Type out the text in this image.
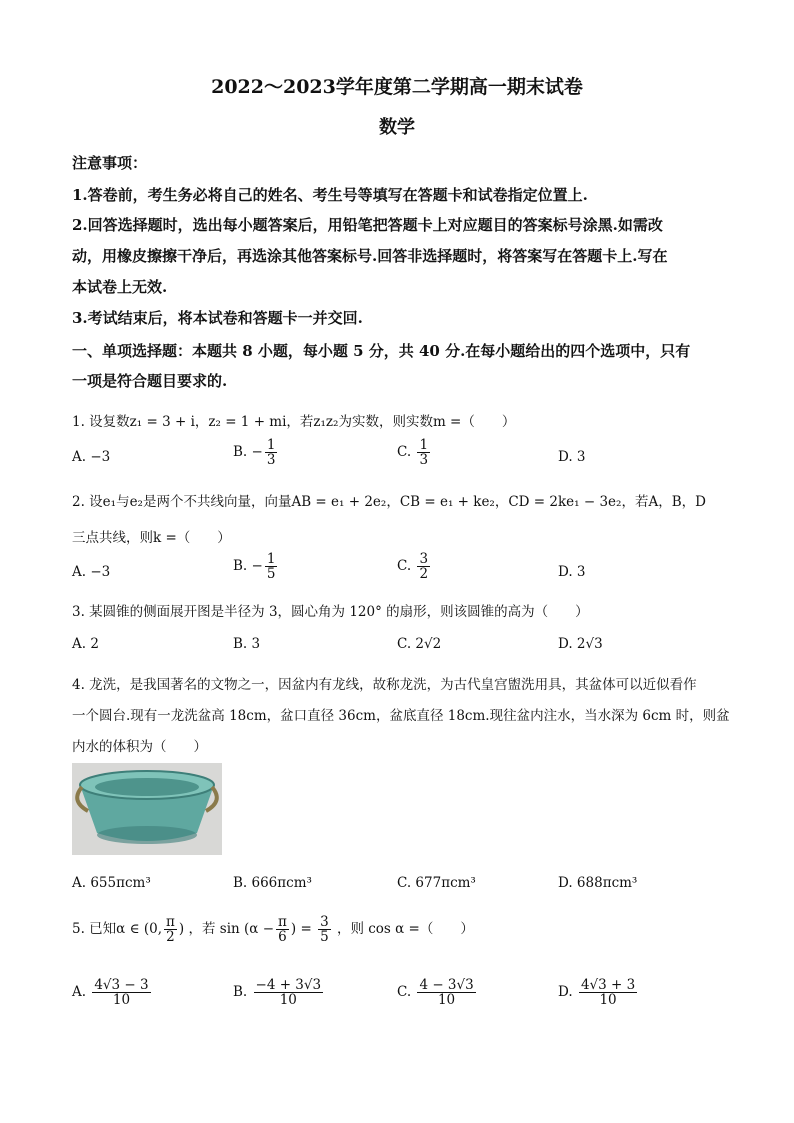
2022～2023学年度第二学期高一期末试卷
数学
注意事项：
1.答卷前，考生务必将自己的姓名、考生号等填写在答题卡和试卷指定位置上.
2.回答选择题时，选出每小题答案后，用铅笔把答题卡上对应题目的答案标号涂黑.如需改
动，用橡皮擦擦干净后，再选涂其他答案标号.回答非选择题时，将答案写在答题卡上.写在
本试卷上无效.
3.考试结束后，将本试卷和答题卡一并交回.
一、单项选择题：本题共 8 小题，每小题 5 分，共 40 分.在每小题给出的四个选项中，只有
一项是符合题目要求的.
1. 设复数z₁ = 3 + i，z₂ = 1 + mi，若z₁z₂为实数，则实数m =（　　）
A. −3	B. − $\frac{1}{3}$	C. $\frac{1}{3}$	D. 3
2. 设e₁与e₂是两个不共线向量，向量AB = e₁ + 2e₂，CB = e₁ + ke₂，CD = 2ke₁ − 3e₂，若A，B，D
三点共线，则k =（　　）
A. −3	B. − $\frac{1}{5}$	C. $\frac{3}{2}$	D. 3
3. 某圆锥的侧面展开图是半径为 3，圆心角为 120° 的扇形，则该圆锥的高为（　　）
A. 2	B. 3	C. 2√2	D. 2√3
4. 龙洗，是我国著名的文物之一，因盆内有龙线，故称龙洗，为古代皇宫盥洗用具，其盆体可以近似看作
一个圆台.现有一龙洗盆高 18cm，盆口直径 36cm，盆底直径 18cm.现往盆内注水，当水深为 6cm 时，则盆
内水的体积为（　　）
A. 655πcm³	B. 666πcm³	C. 677πcm³	D. 688πcm³
5. 已知α ∈ (0, $\frac{\pi}{2}$ ) ，若 $\sin (\alpha - \frac{\pi}{6}$ ) = $\frac{3}{5}$ ，则 cos α =（　　）
A. $\frac{4√3 - 3}{10}$	B. $\frac{-4 + 3√3}{10}$	C. $\frac{4 - 3√3}{10}$	D. $\frac{4√3 + 3}{10}$
